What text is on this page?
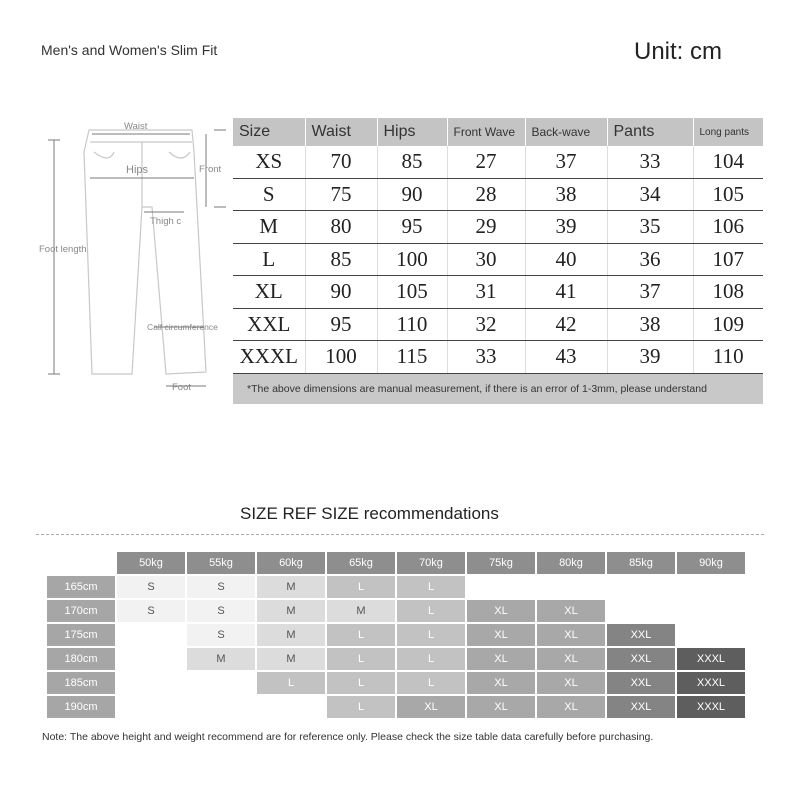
Men's and Women's Slim Fit	Unit: cm
Waist
Hips	Front
Thigh c
Foot length
Calf circumference
Foot
Size	Waist	Hips	Front Wave	Back-wave	Pants	Long pants
XS	70	85	27	37	33	104
S	75	90	28	38	34	105
M	80	95	29	39	35	106
L	85	100	30	40	36	107
XL	90	105	31	41	37	108
XXL	95	110	32	42	38	109
XXXL	100	115	33	43	39	110
*The above dimensions are manual measurement, if there is an error of 1-3mm, please understand						
SIZE REF SIZE recommendations
	50kg	55kg	60kg	65kg	70kg	75kg	80kg	85kg	90kg
165cm	S	S	M	L	L				
170cm	S	S	M	M	L	XL	XL		
175cm		S	M	L	L	XL	XL	XXL	
180cm		M	M	L	L	XL	XL	XXL	XXXL
185cm			L	L	L	XL	XL	XXL	XXXL
190cm				L	XL	XL	XL	XXL	XXXL
Note: The above height and weight recommend are for reference only. Please check the size table data carefully before purchasing.
